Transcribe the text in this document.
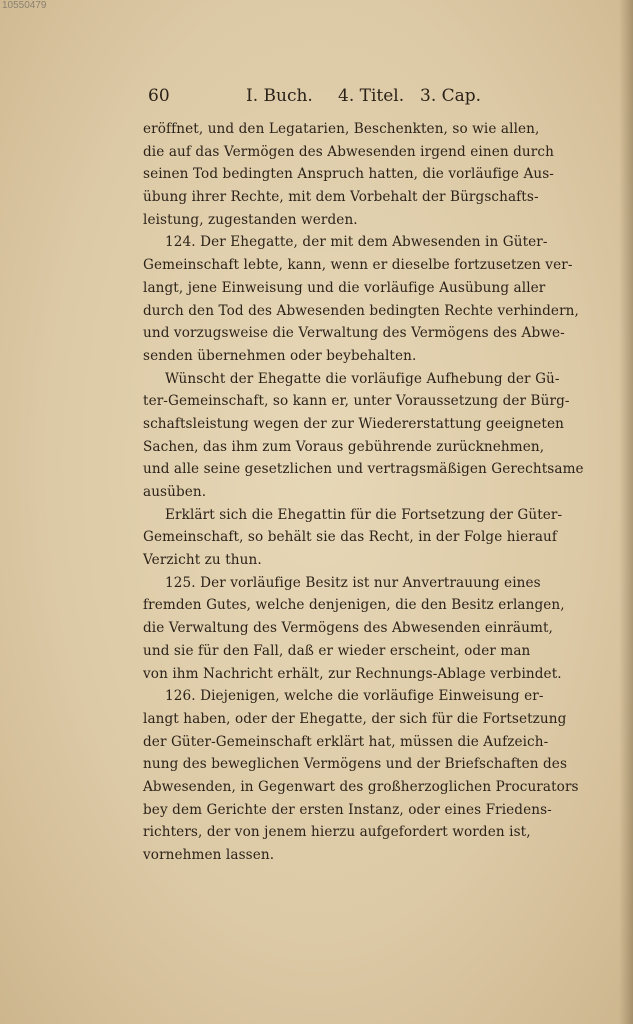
10550479
60	I. Buch. 4. Titel. 3. Cap.
eröffnet, und den Legatarien, Beschenkten, so wie allen,
die auf das Vermögen des Abwesenden irgend einen durch
seinen Tod bedingten Anspruch hatten, die vorläufige Aus-
übung ihrer Rechte, mit dem Vorbehalt der Bürgschafts-
leistung, zugestanden werden.
124. Der Ehegatte, der mit dem Abwesenden in Güter-
Gemeinschaft lebte, kann, wenn er dieselbe fortzusetzen ver-
langt, jene Einweisung und die vorläufige Ausübung aller
durch den Tod des Abwesenden bedingten Rechte verhindern,
und vorzugsweise die Verwaltung des Vermögens des Abwe-
senden übernehmen oder beybehalten.
Wünscht der Ehegatte die vorläufige Aufhebung der Gü-
ter-Gemeinschaft, so kann er, unter Voraussetzung der Bürg-
schaftsleistung wegen der zur Wiedererstattung geeigneten
Sachen, das ihm zum Voraus gebührende zurücknehmen,
und alle seine gesetzlichen und vertragsmäßigen Gerechtsame
ausüben.
Erklärt sich die Ehegattin für die Fortsetzung der Güter-
Gemeinschaft, so behält sie das Recht, in der Folge hierauf
Verzicht zu thun.
125. Der vorläufige Besitz ist nur Anvertrauung eines
fremden Gutes, welche denjenigen, die den Besitz erlangen,
die Verwaltung des Vermögens des Abwesenden einräumt,
und sie für den Fall, daß er wieder erscheint, oder man
von ihm Nachricht erhält, zur Rechnungs-Ablage verbindet.
126. Diejenigen, welche die vorläufige Einweisung er-
langt haben, oder der Ehegatte, der sich für die Fortsetzung
der Güter-Gemeinschaft erklärt hat, müssen die Aufzeich-
nung des beweglichen Vermögens und der Briefschaften des
Abwesenden, in Gegenwart des großherzoglichen Procurators
bey dem Gerichte der ersten Instanz, oder eines Friedens-
richters, der von jenem hierzu aufgefordert worden ist,
vornehmen lassen.
